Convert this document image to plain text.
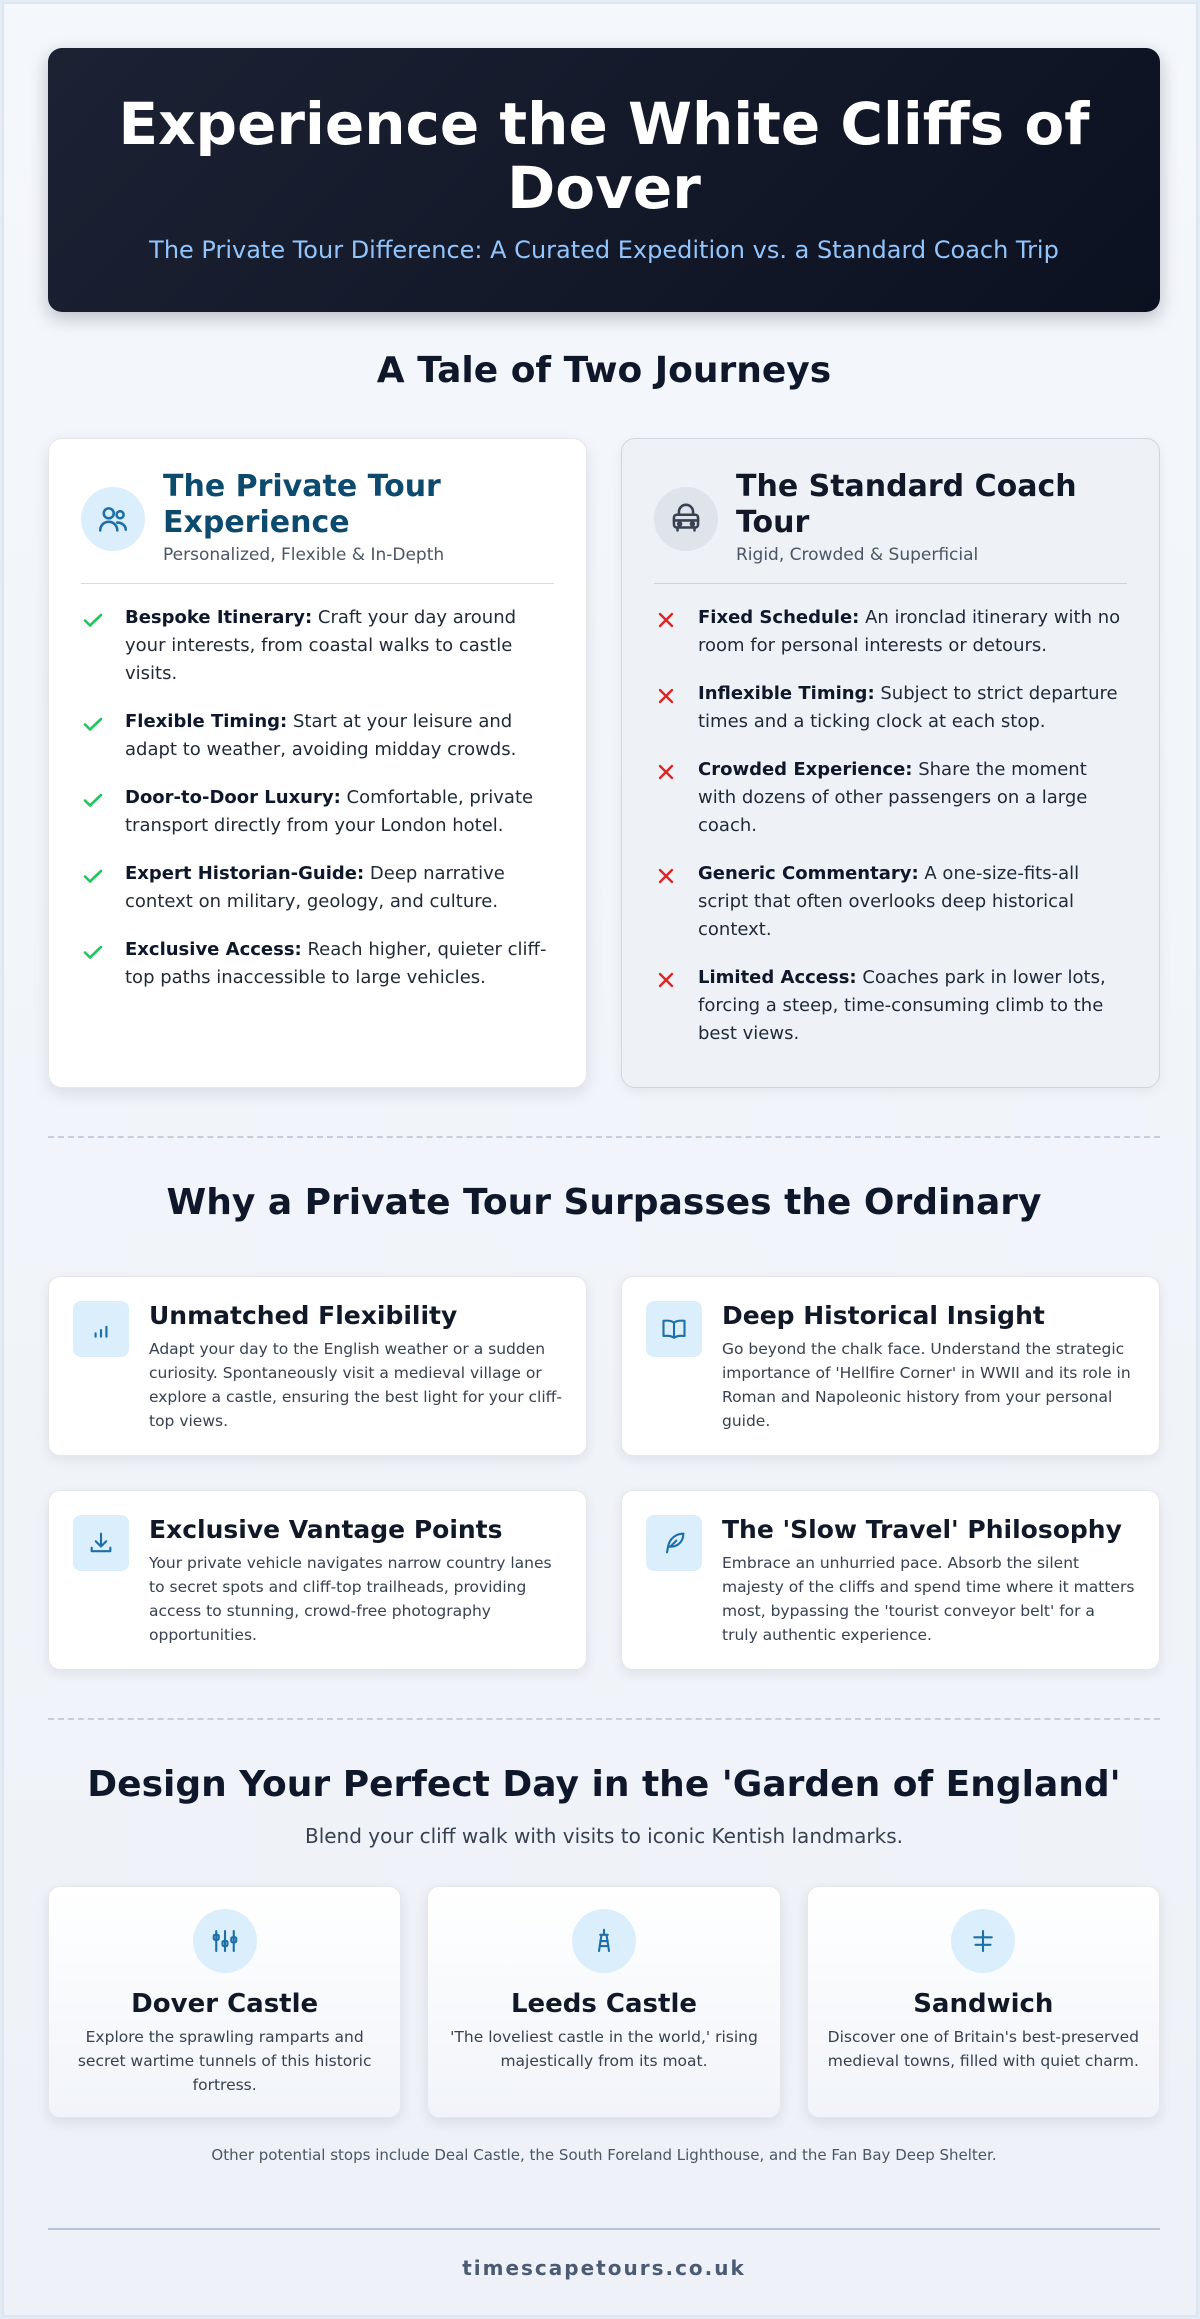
Experience the White Cliffs of Dover

The Private Tour Difference: A Curated Expedition vs. a Standard Coach Trip

A Tale of Two Journeys
The Private Tour Experience
Personalized, Flexible & In-Depth
Bespoke Itinerary: Craft your day around your interests, from coastal walks to castle visits.
Flexible Timing: Start at your leisure and adapt to weather, avoiding midday crowds.
Door-to-Door Luxury: Comfortable, private transport directly from your London hotel.
Expert Historian-Guide: Deep narrative context on military, geology, and culture.
Exclusive Access: Reach higher, quieter cliff-top paths inaccessible to large vehicles.
The Standard Coach Tour
Rigid, Crowded & Superficial
Fixed Schedule: An ironclad itinerary with no room for personal interests or detours.
Inflexible Timing: Subject to strict departure times and a ticking clock at each stop.
Crowded Experience: Share the moment with dozens of other passengers on a large coach.
Generic Commentary: A one-size-fits-all script that often overlooks deep historical context.
Limited Access: Coaches park in lower lots, forcing a steep, time-consuming climb to the best views.
Why a Private Tour Surpasses the Ordinary
Unmatched Flexibility
Adapt your day to the English weather or a sudden curiosity. Spontaneously visit a medieval village or explore a castle, ensuring the best light for your cliff-top views.
Deep Historical Insight
Go beyond the chalk face. Understand the strategic importance of 'Hellfire Corner' in WWII and its role in Roman and Napoleonic history from your personal guide.
Exclusive Vantage Points
Your private vehicle navigates narrow country lanes to secret spots and cliff-top trailheads, providing access to stunning, crowd-free photography opportunities.
The 'Slow Travel' Philosophy
Embrace an unhurried pace. Absorb the silent majesty of the cliffs and spend time where it matters most, bypassing the 'tourist conveyor belt' for a truly authentic experience.
Design Your Perfect Day in the 'Garden of England'

Blend your cliff walk with visits to iconic Kentish landmarks.

Dover Castle
Explore the sprawling ramparts and secret wartime tunnels of this historic fortress.
Leeds Castle
'The loveliest castle in the world,' rising majestically from its moat.
Sandwich
Discover one of Britain's best-preserved medieval towns, filled with quiet charm.

Other potential stops include Deal Castle, the South Foreland Lighthouse, and the Fan Bay Deep Shelter.

timescapetours.co.uk
